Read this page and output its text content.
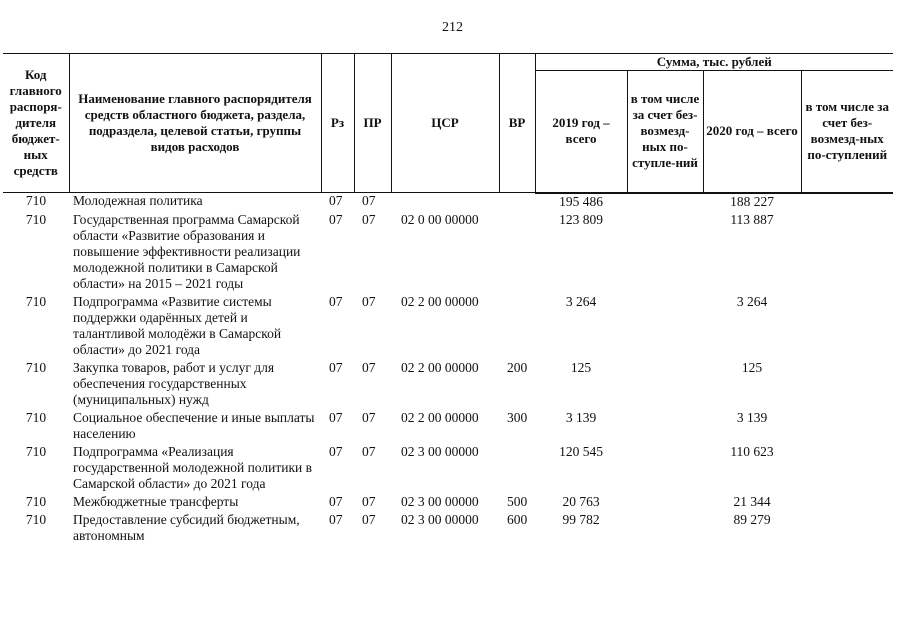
212
Код главного распоря-дителя бюджет-ных средств	Наименование главного распорядителя средств областного бюджета, раздела, подраздела, целевой статьи, группы видов расходов	Рз	ПР	ЦСР	ВР	Сумма, тыс. рублей			
						2019 год – всего	в том числе за счет без-возмезд-ных по-ступле-ний	2020 год – всего	в том числе за счет без-возмезд-ных по-ступлений
710	Молодежная политика	07	07			195 486		188 227	
710	Государственная программа Самарской области «Развитие образования и повышение эффективности реализации молодежной политики в Самарской области» на 2015 – 2021 годы	07	07	02 0 00 00000		123 809		113 887	
710	Подпрограмма «Развитие системы поддержки одарённых детей и талантливой молодёжи в Самарской области» до 2021 года	07	07	02 2 00 00000		3 264		3 264	
710	Закупка товаров, работ и услуг для обеспечения государственных (муниципальных) нужд	07	07	02 2 00 00000	200	125		125	
710	Социальное обеспечение и иные выплаты населению	07	07	02 2 00 00000	300	3 139		3 139	
710	Подпрограмма «Реализация государственной молодежной политики в Самарской области» до 2021 года	07	07	02 3 00 00000		120 545		110 623	
710	Межбюджетные трансферты	07	07	02 3 00 00000	500	20 763		21 344	
710	Предоставление субсидий бюджетным, автономным	07	07	02 3 00 00000	600	99 782		89 279	
